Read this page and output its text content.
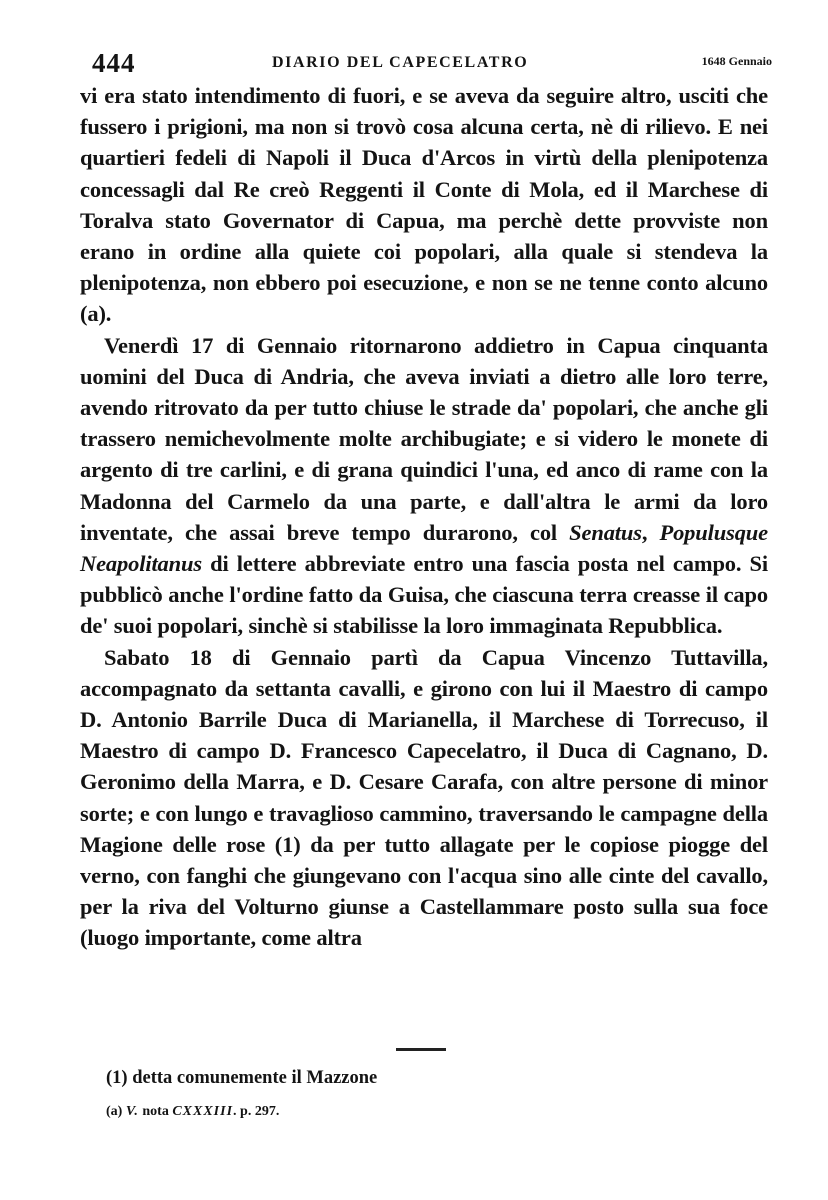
444	DIARIO DEL CAPECELATRO	1648 Gennaio

vi era stato intendimento di fuori, e se aveva da seguire altro, usciti che fussero i prigioni, ma non si trovò cosa alcuna certa, nè di rilievo. E nei quartieri fedeli di Napoli il Duca d'Arcos in virtù della plenipotenza concessagli dal Re creò Reggenti il Conte di Mola, ed il Marchese di Toralva stato Governator di Capua, ma perchè dette provviste non erano in ordine alla quiete coi popolari, alla quale si stendeva la plenipotenza, non ebbero poi esecuzione, e non se ne tenne conto alcuno (a).

Venerdì 17 di Gennaio ritornarono addietro in Capua cinquanta uomini del Duca di Andria, che aveva inviati a dietro alle loro terre, avendo ritrovato da per tutto chiuse le strade da' popolari, che anche gli trassero nemichevolmente molte archibugiate; e si videro le monete di argento di tre carlini, e di grana quindici l'una, ed anco di rame con la Madonna del Carmelo da una parte, e dall'altra le armi da loro inventate, che assai breve tempo durarono, col Senatus, Populusque Neapolitanus di lettere abbreviate entro una fascia posta nel campo. Si pubblicò anche l'ordine fatto da Guisa, che ciascuna terra creasse il capo de' suoi popolari, sinchè si stabilisse la loro immaginata Repubblica.

Sabato 18 di Gennaio partì da Capua Vincenzo Tuttavilla, accompagnato da settanta cavalli, e girono con lui il Maestro di campo D. Antonio Barrile Duca di Marianella, il Marchese di Torrecuso, il Maestro di campo D. Francesco Capecelatro, il Duca di Cagnano, D. Geronimo della Marra, e D. Cesare Carafa, con altre persone di minor sorte; e con lungo e travaglioso cammino, traversando le campagne della Magione delle rose (1) da per tutto allagate per le copiose piogge del verno, con fanghi che giungevano con l'acqua sino alle cinte del cavallo, per la riva del Volturno giunse a Castellammare posto sulla sua foce (luogo importante, come altra

(1) detta comunemente il Mazzone
(a) V. nota CXXXIII. p. 297.
